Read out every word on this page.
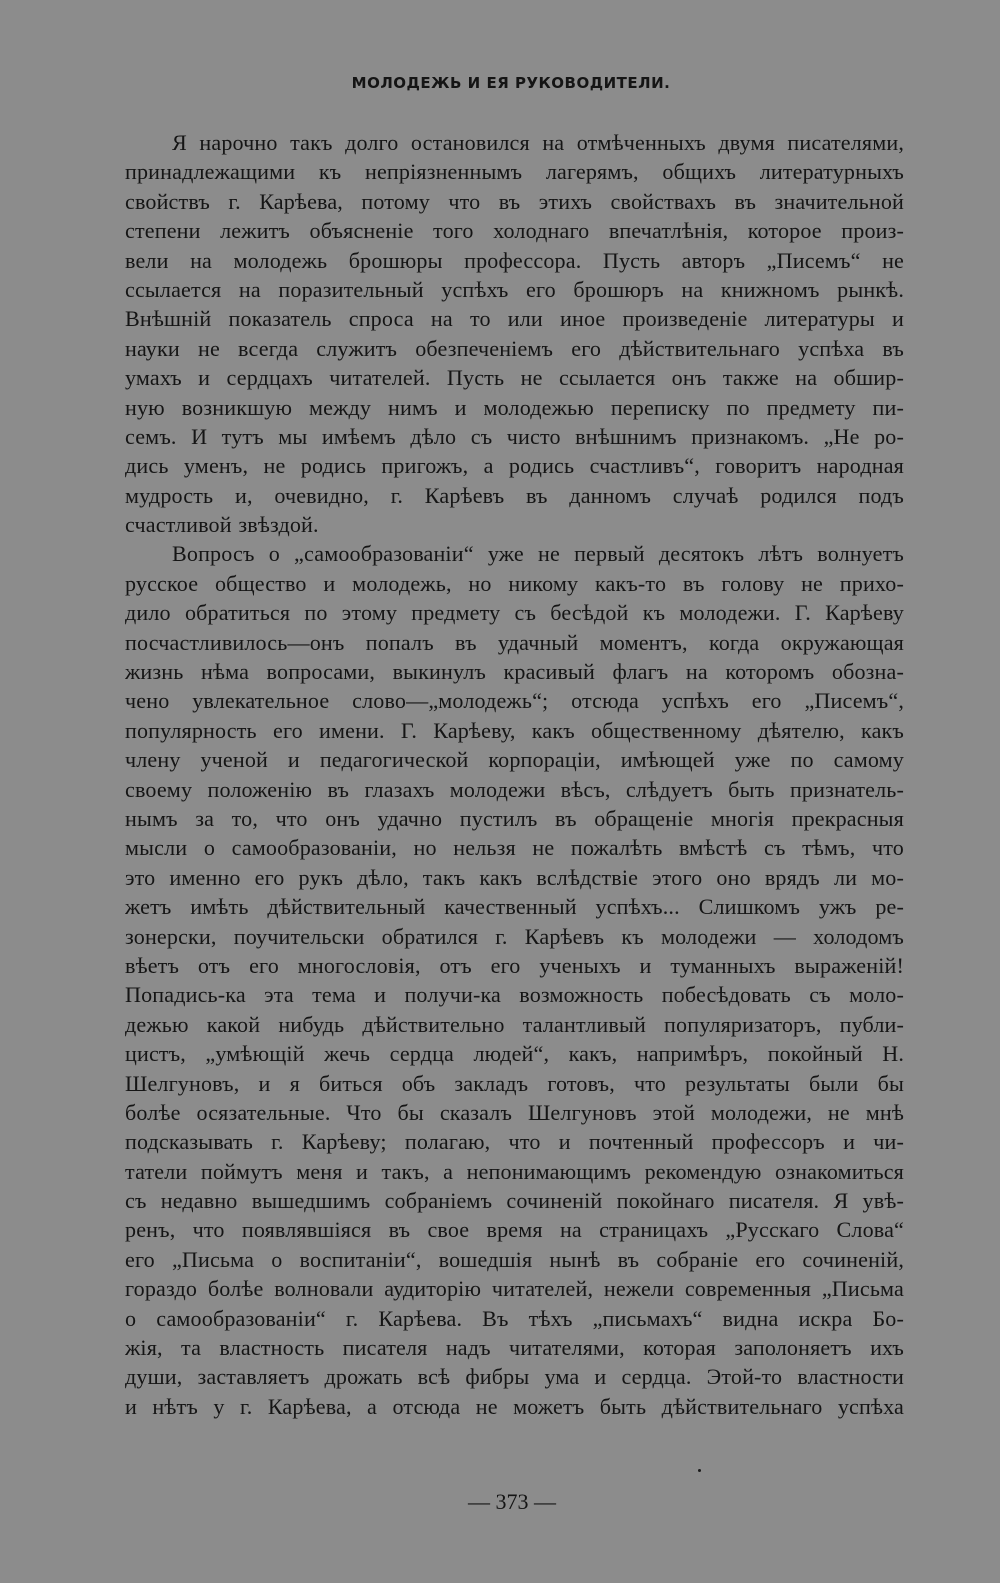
МОЛОДЕЖЬ И ЕЯ РУКОВОДИТЕЛИ.
Я нарочно такъ долго остановился на отмѣченныхъ двумя писателями,
принадлежащими къ непріязненнымъ лагерямъ, общихъ литературныхъ
свойствъ г. Карѣева, потому что въ этихъ свойствахъ въ значительной
степени лежитъ объясненіе того холоднаго впечатлѣнія, которое произ-
вели на молодежь брошюры профессора. Пусть авторъ „Писемъ“ не
ссылается на поразительный успѣхъ его брошюръ на книжномъ рынкѣ.
Внѣшній показатель спроса на то или иное произведеніе литературы и
науки не всегда служитъ обезпеченіемъ его дѣйствительнаго успѣха въ
умахъ и сердцахъ читателей. Пусть не ссылается онъ также на обшир-
ную возникшую между нимъ и молодежью переписку по предмету пи-
семъ. И тутъ мы имѣемъ дѣло съ чисто внѣшнимъ признакомъ. „Не ро-
дись уменъ, не родись пригожъ, а родись счастливъ“, говоритъ народная
мудрость и, очевидно, г. Карѣевъ въ данномъ случаѣ родился подъ
счастливой звѣздой.
Вопросъ о „самообразованіи“ уже не первый десятокъ лѣтъ волнуетъ
русское общество и молодежь, но никому какъ-то въ голову не прихо-
дило обратиться по этому предмету съ бесѣдой къ молодежи. Г. Карѣеву
посчастливилось—онъ попалъ въ удачный моментъ, когда окружающая
жизнь нѣма вопросами, выкинулъ красивый флагъ на которомъ обозна-
чено увлекательное слово—„молодежь“; отсюда успѣхъ его „Писемъ“,
популярность его имени. Г. Карѣеву, какъ общественному дѣятелю, какъ
члену ученой и педагогической корпораціи, имѣющей уже по самому
своему положенію въ глазахъ молодежи вѣсъ, слѣдуетъ быть признатель-
нымъ за то, что онъ удачно пустилъ въ обращеніе многія прекрасныя
мысли о самообразованіи, но нельзя не пожалѣть вмѣстѣ съ тѣмъ, что
это именно его рукъ дѣло, такъ какъ вслѣдствіе этого оно врядъ ли мо-
жетъ имѣть дѣйствительный качественный успѣхъ... Слишкомъ ужъ ре-
зонерски, поучительски обратился г. Карѣевъ къ молодежи — холодомъ
вѣетъ отъ его многословія, отъ его ученыхъ и туманныхъ выраженій!
Попадись-ка эта тема и получи-ка возможность побесѣдовать съ моло-
дежью какой нибудь дѣйствительно талантливый популяризаторъ, публи-
цистъ, „умѣющій жечь сердца людей“, какъ, напримѣръ, покойный Н.
Шелгуновъ, и я биться объ закладъ готовъ, что результаты были бы
болѣе осязательные. Что бы сказалъ Шелгуновъ этой молодежи, не мнѣ
подсказывать г. Карѣеву; полагаю, что и почтенный профессоръ и чи-
татели поймутъ меня и такъ, а непонимающимъ рекомендую ознакомиться
съ недавно вышедшимъ собраніемъ сочиненій покойнаго писателя. Я увѣ-
ренъ, что появлявшіяся въ свое время на страницахъ „Русскаго Слова“
его „Письма о воспитаніи“, вошедшія нынѣ въ собраніе его сочиненій,
гораздо болѣе волновали аудиторію читателей, нежели современныя „Письма
о самообразованіи“ г. Карѣева. Въ тѣхъ „письмахъ“ видна искра Бо-
жія, та властность писателя надъ читателями, которая заполоняетъ ихъ
души, заставляетъ дрожать всѣ фибры ума и сердца. Этой-то властности
и нѣтъ у г. Карѣева, а отсюда не можетъ быть дѣйствительнаго успѣха

— 373 —
